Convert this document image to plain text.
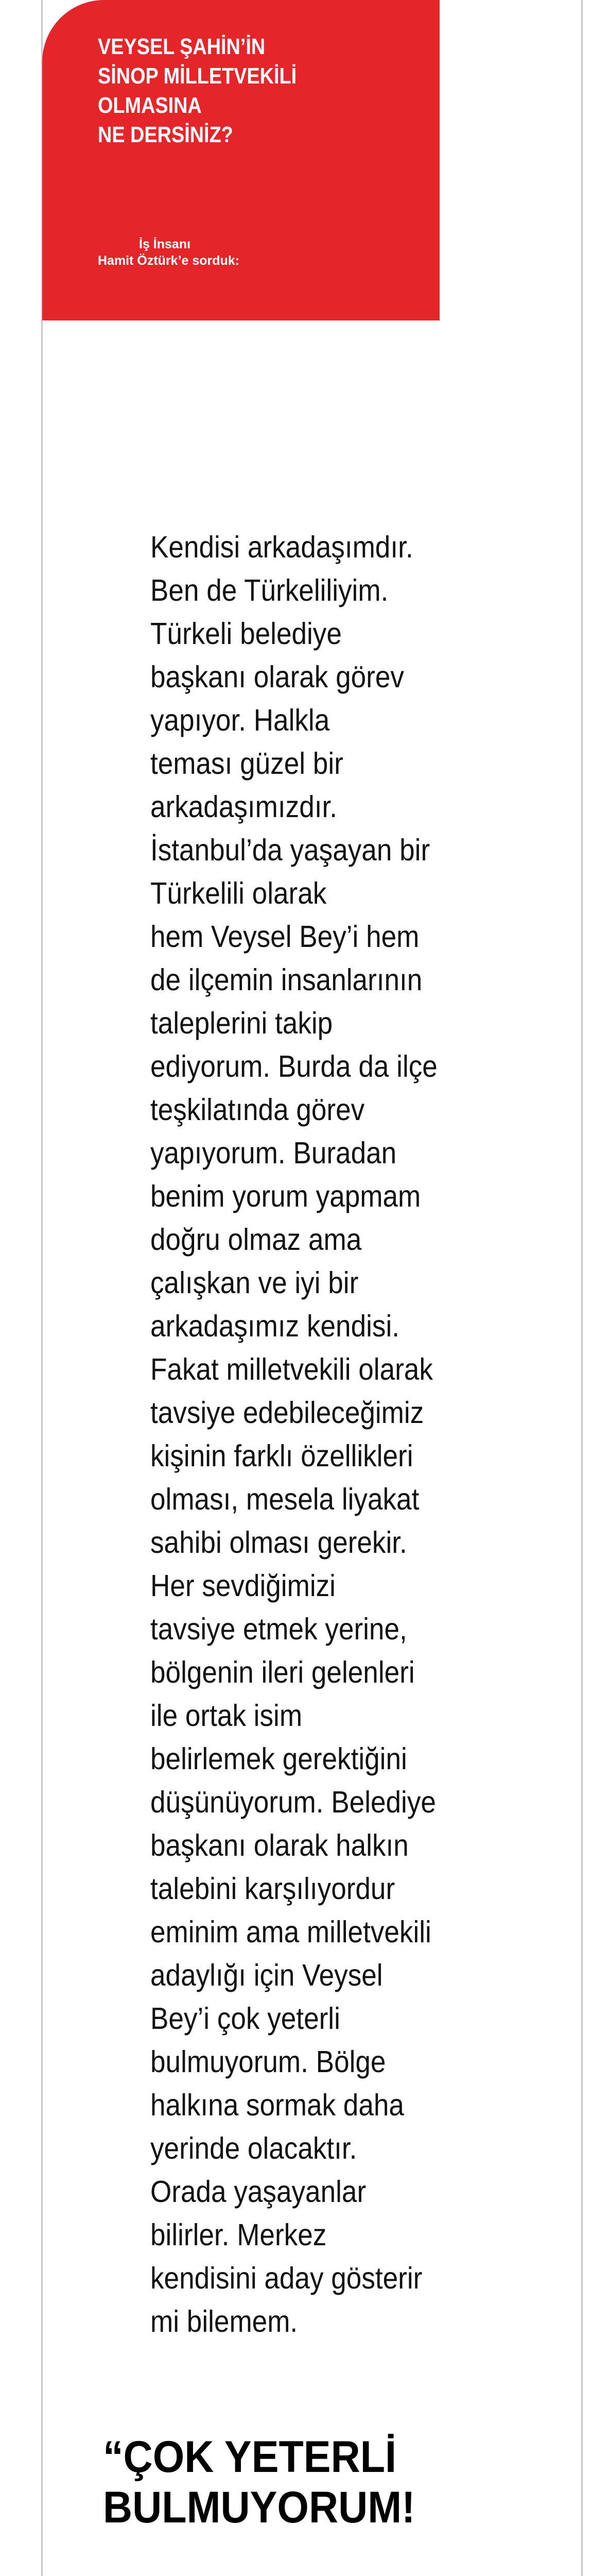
VEYSEL ŞAHİN’İN
SİNOP MİLLETVEKİLİ
OLMASINA
NE DERSİNİZ?
İş İnsanı
Hamit Öztürk’e sorduk:

Kendisi arkadaşımdır.
Ben de Türkeliliyim.
Türkeli belediye
başkanı olarak görev
yapıyor. Halkla
teması güzel bir
arkadaşımızdır.
İstanbul’da yaşayan bir
Türkelili olarak
hem Veysel Bey’i hem
de ilçemin insanlarının
taleplerini takip
ediyorum. Burda da ilçe
teşkilatında görev
yapıyorum. Buradan
benim yorum yapmam
doğru olmaz ama
çalışkan ve iyi bir
arkadaşımız kendisi.
Fakat milletvekili olarak
tavsiye edebileceğimiz
kişinin farklı özellikleri
olması, mesela liyakat
sahibi olması gerekir.
Her sevdiğimizi
tavsiye etmek yerine,
bölgenin ileri gelenleri
ile ortak isim
belirlemek gerektiğini
düşünüyorum. Belediye
başkanı olarak halkın
talebini karşılıyordur
eminim ama milletvekili
adaylığı için Veysel
Bey’i çok yeterli
bulmuyorum. Bölge
halkına sormak daha
yerinde olacaktır.
Orada yaşayanlar
bilirler. Merkez
kendisini aday gösterir
mi bilemem.

“ÇOK YETERLİ
BULMUYORUM!
